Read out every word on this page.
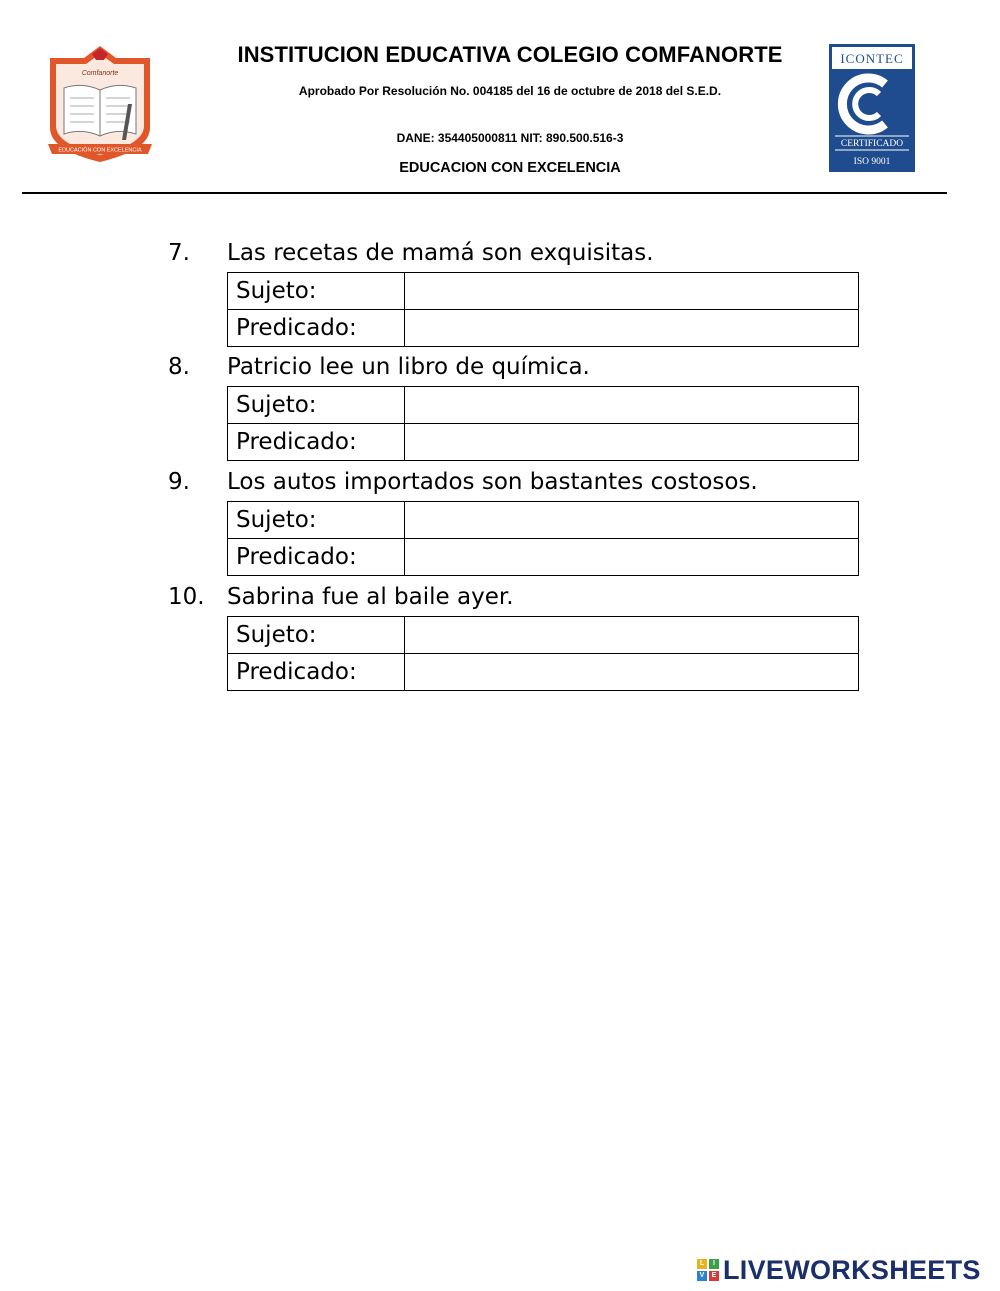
Comfanorte
EDUCACIÓN CON EXCELENCIA
INSTITUCION EDUCATIVA COLEGIO COMFANORTE
Aprobado Por Resolución No. 004185 del 16 de octubre de 2018 del S.E.D.
DANE: 354405000811 NIT: 890.500.516-3
EDUCACION CON EXCELENCIA
ICONTEC
CERTIFICADO
ISO 9001
7. Las recetas de mamá son exquisitas.
Sujeto:	
Predicado:	
8. Patricio lee un libro de química.
Sujeto:	
Predicado:	
9. Los autos importados son bastantes costosos.
Sujeto:	
Predicado:	
10. Sabrina fue al baile ayer.
Sujeto:	
Predicado:	
L	I
V	E LIVEWORKSHEETS
